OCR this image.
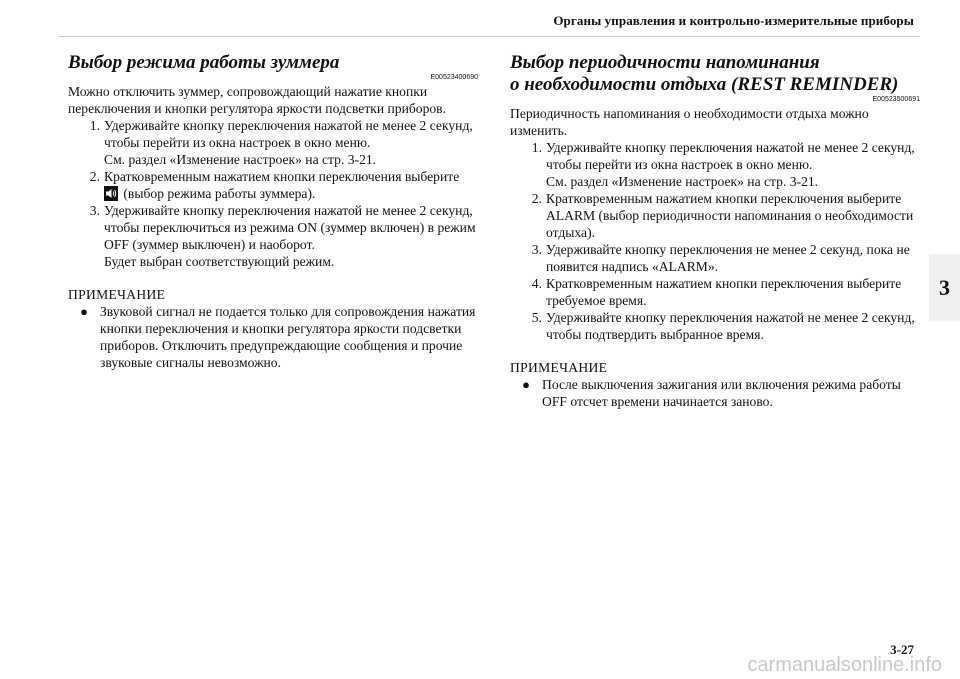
Органы управления и контрольно-измерительные приборы
3
Выбор режима работы зуммера
E00523400690

Можно отключить зуммер, сопровождающий нажатие кнопки переключения и кнопки регулятора яркости подсветки приборов.

1. Удерживайте кнопку переключения нажатой не менее 2 секунд, чтобы перейти из окна настроек в окно меню.
См. раздел «Изменение настроек» на стр. 3-21.
2. Кратковременным нажатием кнопки переключения выберите
(выбор режима работы зуммера).
3. Удерживайте кнопку переключения нажатой не менее 2 секунд, чтобы переключиться из режима ON (зуммер включен) в режим OFF (зуммер выключен) и наоборот.
Будет выбран соответствующий режим.
ПРИМЕЧАНИЕ
● Звуковой сигнал не подается только для сопровождения нажатия кнопки переключения и кнопки регулятора яркости подсветки приборов. Отключить предупреждающие сообщения и прочие звуковые сигналы невозможно.
Выбор периодичности напоминания
о необходимости отдыха (REST REMINDER)
E00523500691

Периодичность напоминания о необходимости отдыха можно изменить.

1. Удерживайте кнопку переключения нажатой не менее 2 секунд, чтобы перейти из окна настроек в окно меню.
См. раздел «Изменение настроек» на стр. 3-21.
2. Кратковременным нажатием кнопки переключения выберите ALARM (выбор периодичности напоминания о необходимости отдыха).
3. Удерживайте кнопку переключения не менее 2 секунд, пока не появится надпись «ALARM».
4. Кратковременным нажатием кнопки переключения выберите требуемое время.
5. Удерживайте кнопку переключения нажатой не менее 2 секунд, чтобы подтвердить выбранное время.
ПРИМЕЧАНИЕ
● После выключения зажигания или включения режима работы OFF отсчет времени начинается заново.
3-27
carmanualsonline.info
